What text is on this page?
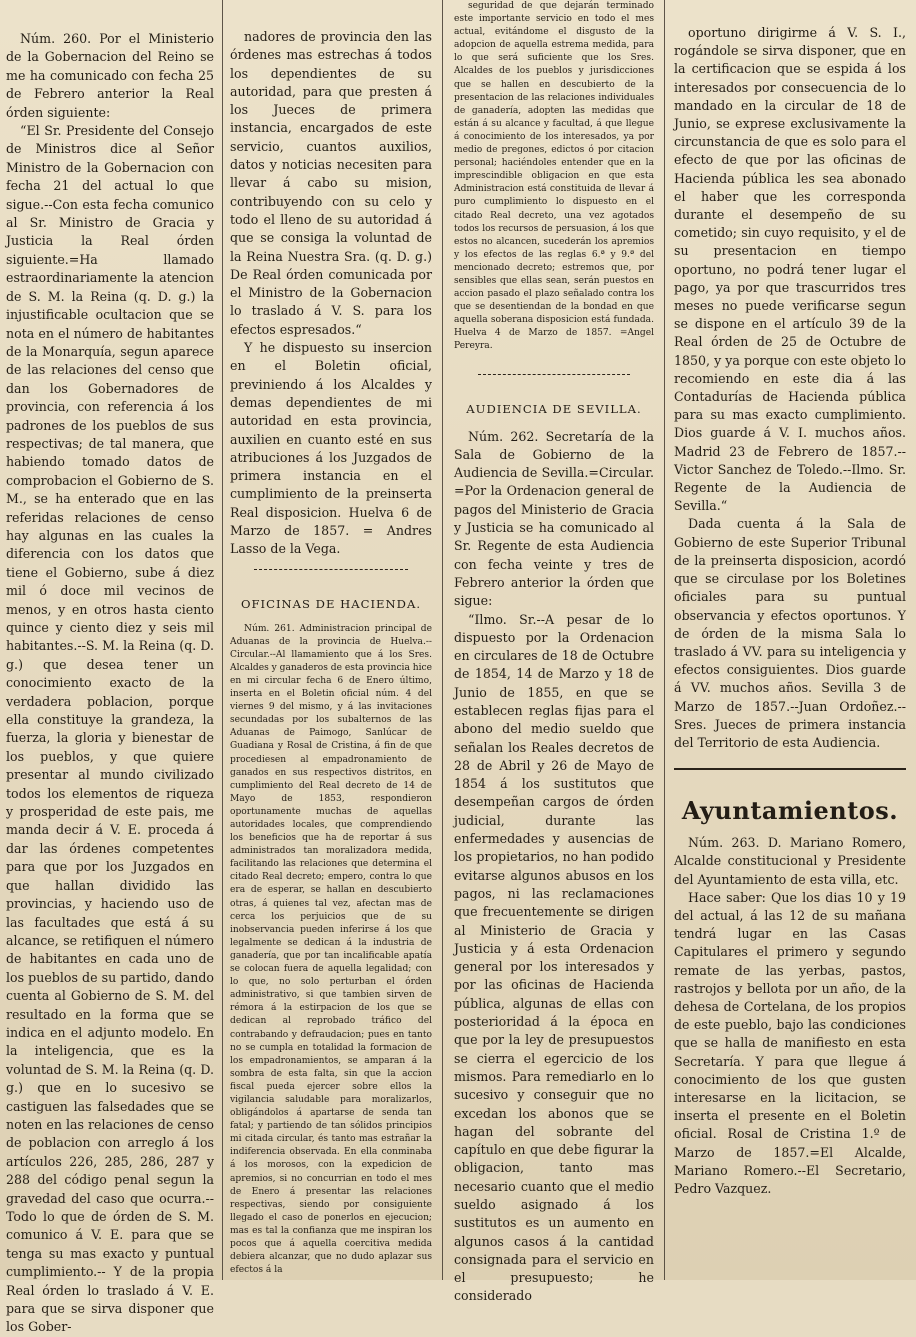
Núm. 260. Por el Ministerio de la Gobernacion del Reino se me ha comunicado con fecha 25 de Febrero anterior la Real órden siguiente:

“El Sr. Presidente del Consejo de Ministros dice al Señor Ministro de la Gobernacion con fecha 21 del actual lo que sigue.--Con esta fecha comunico al Sr. Ministro de Gracia y Justicia la Real órden siguiente.=Ha llamado estraordinariamente la atencion de S. M. la Reina (q. D. g.) la injustificable ocultacion que se nota en el número de habitantes de la Monarquía, segun aparece de las relaciones del censo que dan los Gobernadores de provincia, con referencia á los padrones de los pueblos de sus respectivas; de tal manera, que habiendo tomado datos de comprobacion el Gobierno de S. M., se ha enterado que en las referidas relaciones de censo hay algunas en las cuales la diferencia con los datos que tiene el Gobierno, sube á diez mil ó doce mil vecinos de menos, y en otros hasta ciento quince y ciento diez y seis mil habitantes.--S. M. la Reina (q. D. g.) que desea tener un conocimiento exacto de la verdadera poblacion, porque ella constituye la grandeza, la fuerza, la gloria y bienestar de los pueblos, y que quiere presentar al mundo civilizado todos los elementos de riqueza y prosperidad de este pais, me manda decir á V. E. proceda á dar las órdenes competentes para que por los Juzgados en que hallan dividido las provincias, y haciendo uso de las facultades que está á su alcance, se retifiquen el número de habitantes en cada uno de los pueblos de su partido, dando cuenta al Gobierno de S. M. del resultado en la forma que se indica en el adjunto modelo. En la inteligencia, que es la voluntad de S. M. la Reina (q. D. g.) que en lo sucesivo se castiguen las falsedades que se noten en las relaciones de censo de poblacion con arreglo á los artículos 226, 285, 286, 287 y 288 del código penal segun la gravedad del caso que ocurra.--Todo lo que de órden de S. M. comunico á V. E. para que se tenga su mas exacto y puntual cumplimiento.-- Y de la propia Real órden lo traslado á V. E. para que se sirva disponer que los Gober-

nadores de provincia den las órdenes mas estrechas á todos los dependientes de su autoridad, para que presten á los Jueces de primera instancia, encargados de este servicio, cuantos auxilios, datos y noticias necesiten para llevar á cabo su mision, contribuyendo con su celo y todo el lleno de su autoridad á que se consiga la voluntad de la Reina Nuestra Sra. (q. D. g.) De Real órden comunicada por el Ministro de la Gobernacion lo traslado á V. S. para los efectos espresados.“

Y he dispuesto su insercion en el Boletin oficial, previniendo á los Alcaldes y demas dependientes de mi autoridad en esta provincia, auxilien en cuanto esté en sus atribuciones á los Juzgados de primera instancia en el cumplimiento de la preinserta Real disposicion. Huelva 6 de Marzo de 1857. = Andres Lasso de la Vega.

OFICINAS DE HACIENDA.

Núm. 261. Administracion principal de Aduanas de la provincia de Huelva.--Circular.--Al llamamiento que á los Sres. Alcaldes y ganaderos de esta provincia hice en mi circular fecha 6 de Enero último, inserta en el Boletin oficial núm. 4 del viernes 9 del mismo, y á las invitaciones secundadas por los subalternos de las Aduanas de Paimogo, Sanlúcar de Guadiana y Rosal de Cristina, á fin de que procediesen al empadronamiento de ganados en sus respectivos distritos, en cumplimiento del Real decreto de 14 de Mayo de 1853, respondieron oportunamente muchas de aquellas autoridades locales, que comprendiendo los beneficios que ha de reportar á sus administrados tan moralizadora medida, facilitando las relaciones que determina el citado Real decreto; empero, contra lo que era de esperar, se hallan en descubierto otras, á quienes tal vez, afectan mas de cerca los perjuicios que de su inobservancia pueden inferirse á los que legalmente se dedican á la industria de ganadería, que por tan incalificable apatía se colocan fuera de aquella legalidad; con lo que, no solo perturban el órden administrativo, si que tambien sirven de rémora á la estirpacion de los que se dedican al reprobado tráfico del contrabando y defraudacion; pues en tanto no se cumpla en totalidad la formacion de los empadronamientos, se amparan á la sombra de esta falta, sin que la accion fiscal pueda ejercer sobre ellos la vigilancia saludable para moralizarlos, obligándolos á apartarse de senda tan fatal; y partiendo de tan sólidos principios mi citada circular, és tanto mas estrañar la indiferencia observada. En ella conminaba á los morosos, con la expedicion de apremios, si no concurrian en todo el mes de Enero á presentar las relaciones respectivas, siendo por consiguiente llegado el caso de ponerlos en ejecucion; mas es tal la confianza que me inspiran los pocos que á aquella coercitiva medida debiera alcanzar, que no dudo aplazar sus efectos á la

seguridad de que dejarán terminado este importante servicio en todo el mes actual, evitándome el disgusto de la adopcion de aquella estrema medida, para lo que será suficiente que los Sres. Alcaldes de los pueblos y jurisdicciones que se hallen en descubierto de la presentacion de las relaciones individuales de ganadería, adopten las medidas que están á su alcance y facultad, á que llegue á conocimiento de los interesados, ya por medio de pregones, edictos ó por citacion personal; haciéndoles entender que en la imprescindible obligacion en que esta Administracion está constituida de llevar á puro cumplimiento lo dispuesto en el citado Real decreto, una vez agotados todos los recursos de persuasion, á los que estos no alcancen, sucederán los apremios y los efectos de las reglas 6.ª y 9.ª del mencionado decreto; estremos que, por sensibles que ellas sean, serán puestos en accion pasado el plazo señalado contra los que se desentiendan de la bondad en que aquella soberana disposicion está fundada. Huelva 4 de Marzo de 1857. =Angel Pereyra.

AUDIENCIA DE SEVILLA.

Núm. 262. Secretaría de la Sala de Gobierno de la Audiencia de Sevilla.=Circular. =Por la Ordenacion general de pagos del Ministerio de Gracia y Justicia se ha comunicado al Sr. Regente de esta Audiencia con fecha veinte y tres de Febrero anterior la órden que sigue:

“Ilmo. Sr.--A pesar de lo dispuesto por la Ordenacion en circulares de 18 de Octubre de 1854, 14 de Marzo y 18 de Junio de 1855, en que se establecen reglas fijas para el abono del medio sueldo que señalan los Reales decretos de 28 de Abril y 26 de Mayo de 1854 á los sustitutos que desempeñan cargos de órden judicial, durante las enfermedades y ausencias de los propietarios, no han podido evitarse algunos abusos en los pagos, ni las reclamaciones que frecuentemente se dirigen al Ministerio de Gracia y Justicia y á esta Ordenacion general por los interesados y por las oficinas de Hacienda pública, algunas de ellas con posterioridad á la época en que por la ley de presupuestos se cierra el egercicio de los mismos. Para remediarlo en lo sucesivo y conseguir que no excedan los abonos que se hagan del sobrante del capítulo en que debe figurar la obligacion, tanto mas necesario cuanto que el medio sueldo asignado á los sustitutos es un aumento en algunos casos á la cantidad consignada para el servicio en el presupuesto; he considerado

oportuno dirigirme á V. S. I., rogándole se sirva disponer, que en la certificacion que se espida á los interesados por consecuencia de lo mandado en la circular de 18 de Junio, se exprese exclusivamente la circunstancia de que es solo para el efecto de que por las oficinas de Hacienda pública les sea abonado el haber que les corresponda durante el desempeño de su cometido; sin cuyo requisito, y el de su presentacion en tiempo oportuno, no podrá tener lugar el pago, ya por que trascurridos tres meses no puede verificarse segun se dispone en el artículo 39 de la Real órden de 25 de Octubre de 1850, y ya porque con este objeto lo recomiendo en este dia á las Contadurías de Hacienda pública para su mas exacto cumplimiento. Dios guarde á V. I. muchos años. Madrid 23 de Febrero de 1857.--Victor Sanchez de Toledo.--Ilmo. Sr. Regente de la Audiencia de Sevilla.“

Dada cuenta á la Sala de Gobierno de este Superior Tribunal de la preinserta disposicion, acordó que se circulase por los Boletines oficiales para su puntual observancia y efectos oportunos. Y de órden de la misma Sala lo traslado á VV. para su inteligencia y efectos consiguientes. Dios guarde á VV. muchos años. Sevilla 3 de Marzo de 1857.--Juan Ordoñez.--Sres. Jueces de primera instancia del Territorio de esta Audiencia.

Ayuntamientos.

Núm. 263. D. Mariano Romero, Alcalde constitucional y Presidente del Ayuntamiento de esta villa, etc.

Hace saber: Que los dias 10 y 19 del actual, á las 12 de su mañana tendrá lugar en las Casas Capitulares el primero y segundo remate de las yerbas, pastos, rastrojos y bellota por un año, de la dehesa de Cortelana, de los propios de este pueblo, bajo las condiciones que se halla de manifiesto en esta Secretaría. Y para que llegue á conocimiento de los que gusten interesarse en la licitacion, se inserta el presente en el Boletin oficial. Rosal de Cristina 1.º de Marzo de 1857.=El Alcalde, Mariano Romero.--El Secretario, Pedro Vazquez.
